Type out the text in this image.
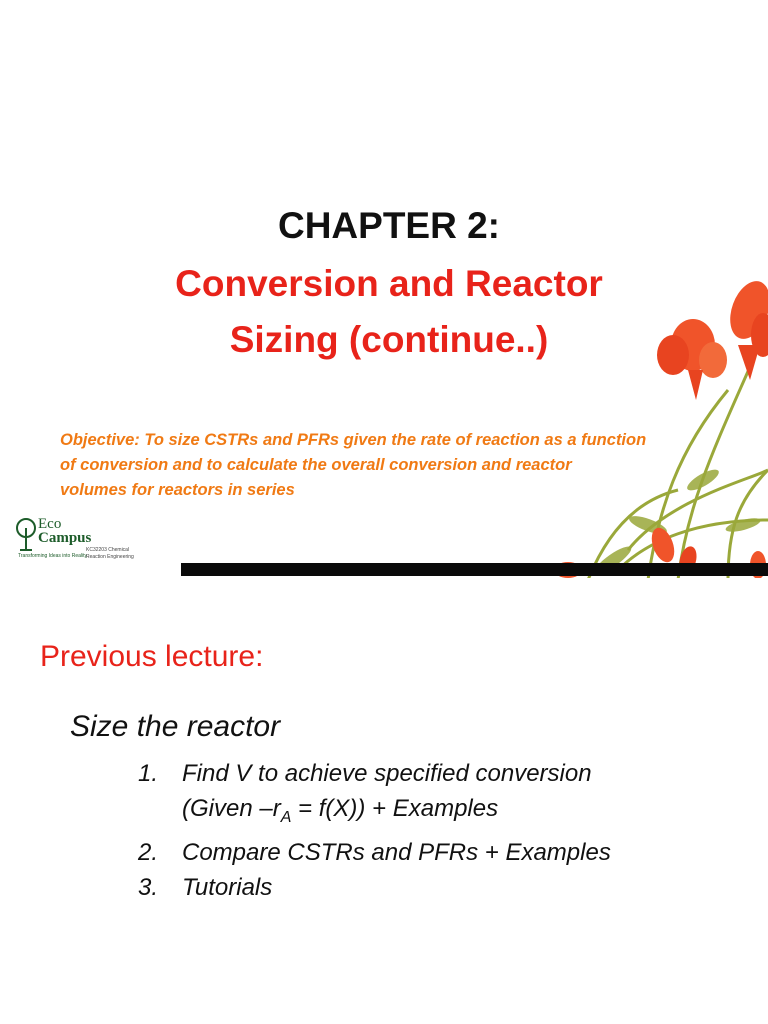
CHAPTER 2:
Conversion and Reactor
Sizing (continue..)
Objective: To size CSTRs and PFRs given the rate of reaction as a function
of conversion and to calculate the overall conversion and reactor
volumes for reactors in series
Eco
Campus
Transforming Ideas into Reality
KC32203 Chemical Reaction Engineering
Previous lecture:
Size the reactor
1. Find V to achieve specified conversion
(Given $-r_A = f(X)$) + Examples
2. Compare CSTRs and PFRs + Examples
3. Tutorials
